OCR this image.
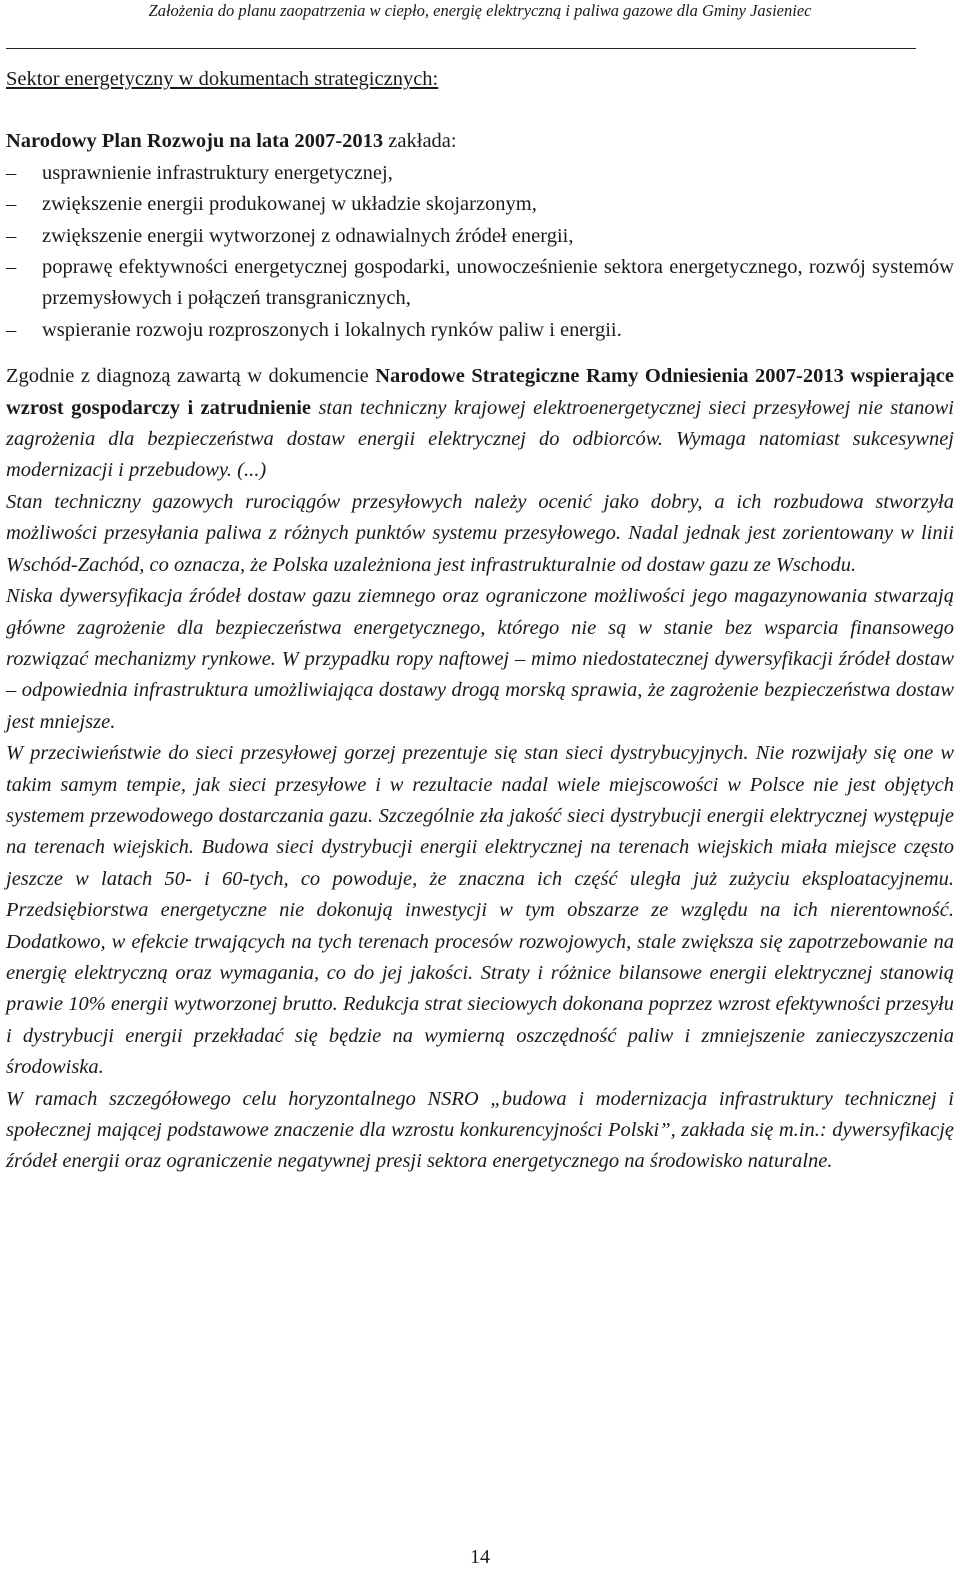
Założenia do planu zaopatrzenia w ciepło, energię elektryczną i paliwa gazowe dla Gminy Jasieniec

Sektor energetyczny w dokumentach strategicznych:

Narodowy Plan Rozwoju na lata 2007-2013 zakłada:

– usprawnienie infrastruktury energetycznej,
– zwiększenie energii produkowanej w układzie skojarzonym,
– zwiększenie energii wytworzonej z odnawialnych źródeł energii,
– poprawę efektywności energetycznej gospodarki, unowocześnienie sektora energetycznego, rozwój systemów przemysłowych i połączeń transgranicznych,
– wspieranie rozwoju rozproszonych i lokalnych rynków paliw i energii.

Zgodnie z diagnozą zawartą w dokumencie Narodowe Strategiczne Ramy Odniesienia 2007-2013 wspierające wzrost gospodarczy i zatrudnienie stan techniczny krajowej elektroenergetycznej sieci przesyłowej nie stanowi zagrożenia dla bezpieczeństwa dostaw energii elektrycznej do odbiorców. Wymaga natomiast sukcesywnej modernizacji i przebudowy. (...)

Stan techniczny gazowych rurociągów przesyłowych należy ocenić jako dobry, a ich rozbudowa stworzyła możliwości przesyłania paliwa z różnych punktów systemu przesyłowego. Nadal jednak jest zorientowany w linii Wschód-Zachód, co oznacza, że Polska uzależniona jest infrastrukturalnie od dostaw gazu ze Wschodu.

Niska dywersyfikacja źródeł dostaw gazu ziemnego oraz ograniczone możliwości jego magazynowania stwarzają główne zagrożenie dla bezpieczeństwa energetycznego, którego nie są w stanie bez wsparcia finansowego rozwiązać mechanizmy rynkowe. W przypadku ropy naftowej – mimo niedostatecznej dywersyfikacji źródeł dostaw – odpowiednia infrastruktura umożliwiająca dostawy drogą morską sprawia, że zagrożenie bezpieczeństwa dostaw jest mniejsze.

W przeciwieństwie do sieci przesyłowej gorzej prezentuje się stan sieci dystrybucyjnych. Nie rozwijały się one w takim samym tempie, jak sieci przesyłowe i w rezultacie nadal wiele miejscowości w Polsce nie jest objętych systemem przewodowego dostarczania gazu. Szczególnie zła jakość sieci dystrybucji energii elektrycznej występuje na terenach wiejskich. Budowa sieci dystrybucji energii elektrycznej na terenach wiejskich miała miejsce często jeszcze w latach 50- i 60-tych, co powoduje, że znaczna ich część uległa już zużyciu eksploatacyjnemu. Przedsiębiorstwa energetyczne nie dokonują inwestycji w tym obszarze ze względu na ich nierentowność. Dodatkowo, w efekcie trwających na tych terenach procesów rozwojowych, stale zwiększa się zapotrzebowanie na energię elektryczną oraz wymagania, co do jej jakości. Straty i różnice bilansowe energii elektrycznej stanowią prawie 10% energii wytworzonej brutto. Redukcja strat sieciowych dokonana poprzez wzrost efektywności przesyłu i dystrybucji energii przekładać się będzie na wymierną oszczędność paliw i zmniejszenie zanieczyszczenia środowiska.

W ramach szczegółowego celu horyzontalnego NSRO „budowa i modernizacja infrastruktury technicznej i społecznej mającej podstawowe znaczenie dla wzrostu konkurencyjności Polski”, zakłada się m.in.: dywersyfikację źródeł energii oraz ograniczenie negatywnej presji sektora energetycznego na środowisko naturalne.

14
